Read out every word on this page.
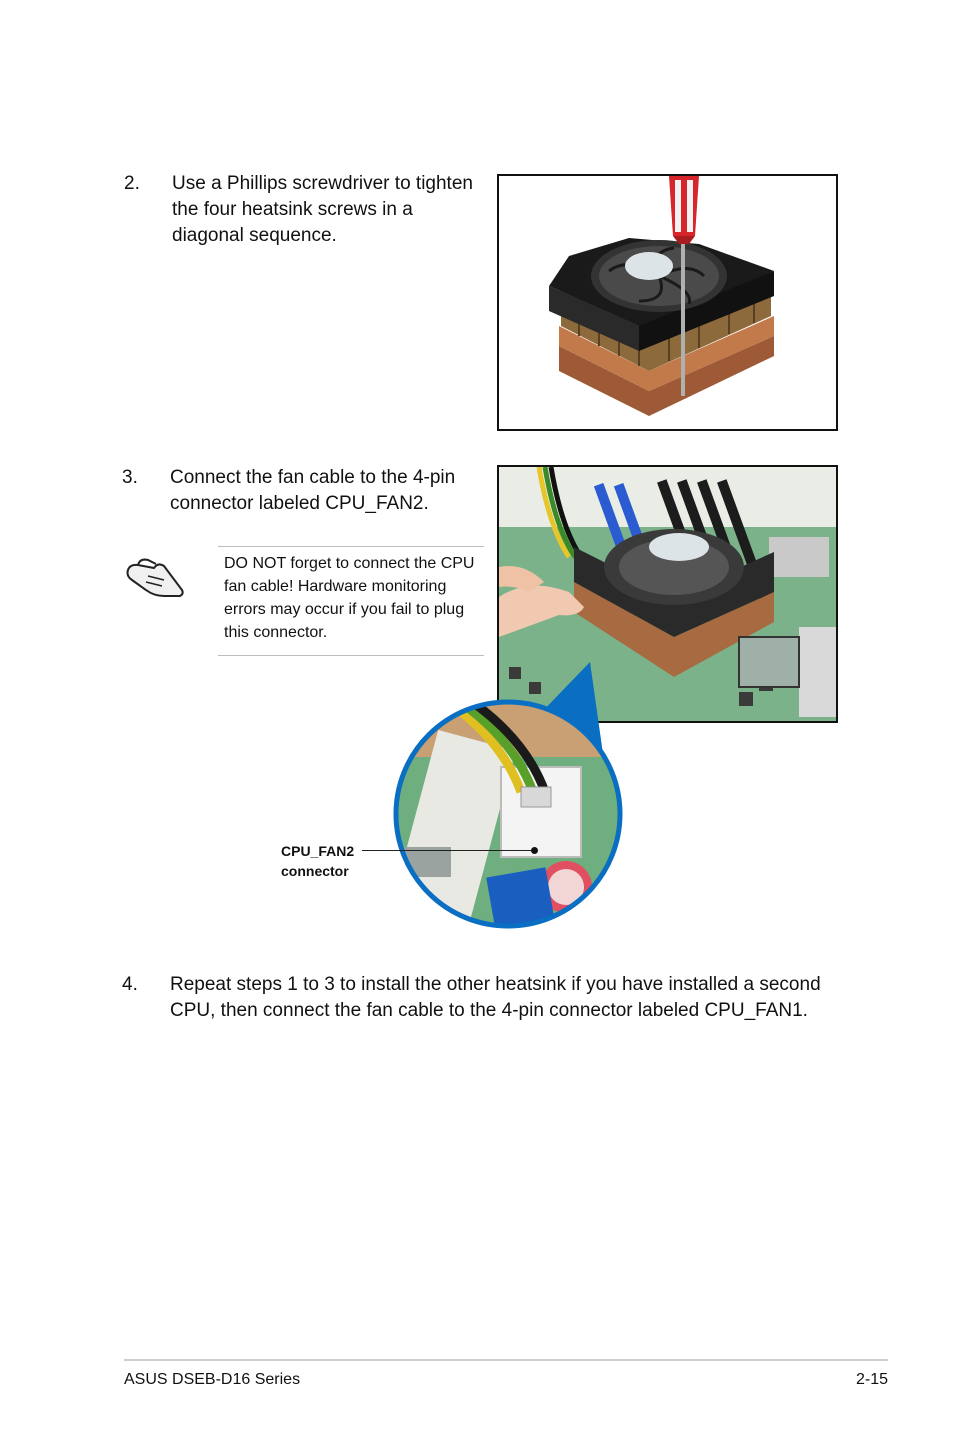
2. Use a Phillips screwdriver to tighten the four heatsink screws in a diagonal sequence.
3. Connect the fan cable to the 4-pin connector labeled CPU_FAN2.
DO NOT forget to connect the CPU fan cable! Hardware monitoring errors may occur if you fail to plug this connector.
CPU_FAN2
connector
4. Repeat steps 1 to 3 to install the other heatsink if you have installed a second CPU, then connect the fan cable to the 4-pin connector labeled CPU_FAN1.
ASUS DSEB-D16 Series	2-15
